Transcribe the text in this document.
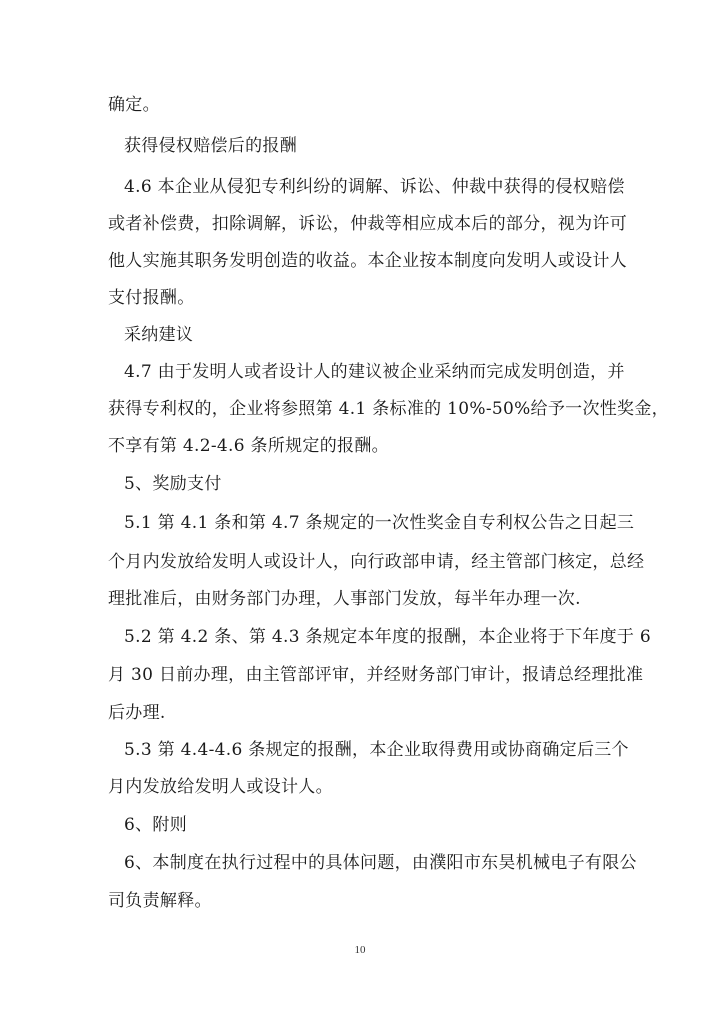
确定。
获得侵权赔偿后的报酬
4.6 本企业从侵犯专利纠纷的调解、诉讼、仲裁中获得的侵权赔偿
或者补偿费，扣除调解，诉讼，仲裁等相应成本后的部分，视为许可
他人实施其职务发明创造的收益。本企业按本制度向发明人或设计人
支付报酬。
采纳建议
4.7 由于发明人或者设计人的建议被企业采纳而完成发明创造，并
获得专利权的，企业将参照第 4.1 条标准的 10%-50%给予一次性奖金，
不享有第 4.2-4.6 条所规定的报酬。
5、奖励支付
5.1 第 4.1 条和第 4.7 条规定的一次性奖金自专利权公告之日起三
个月内发放给发明人或设计人，向行政部申请，经主管部门核定，总经
理批准后，由财务部门办理，人事部门发放，每半年办理一次.
5.2 第 4.2 条、第 4.3 条规定本年度的报酬，本企业将于下年度于 6
月 30 日前办理，由主管部评审，并经财务部门审计，报请总经理批准
后办理.
5.3 第 4.4-4.6 条规定的报酬，本企业取得费用或协商确定后三个
月内发放给发明人或设计人。
6、附则
6、本制度在执行过程中的具体问题，由濮阳市东昊机械电子有限公
司负责解释。
10
